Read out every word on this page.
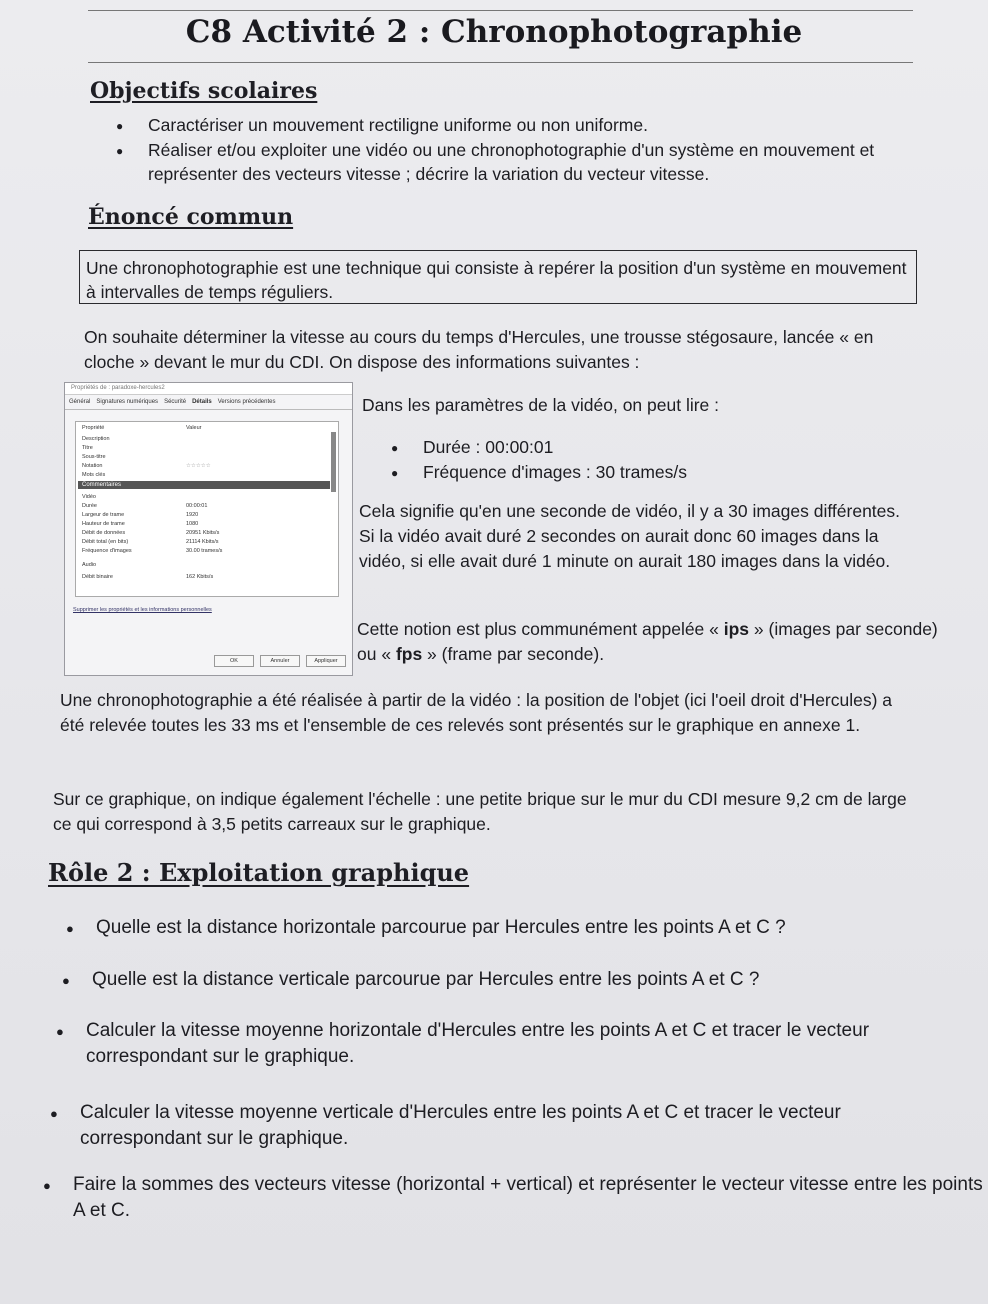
C8 Activité 2 : Chronophotographie
Objectifs scolaires
● Caractériser un mouvement rectiligne uniforme ou non uniforme.
● Réaliser et/ou exploiter une vidéo ou une chronophotographie d'un système en mouvement et représenter des vecteurs vitesse ; décrire la variation du vecteur vitesse.
Énoncé commun
Une chronophotographie est une technique qui consiste à repérer la position d'un système en mouvement à intervalles de temps réguliers.
On souhaite déterminer la vitesse au cours du temps d'Hercules, une trousse stégosaure, lancée « en cloche » devant le mur du CDI. On dispose des informations suivantes :
Propriétés de : paradoxe-hercules2
Général Signatures numériques Sécurité Détails Versions précédentes
Propriété	Valeur
Description
Titre
Sous-titre
Notation	☆☆☆☆☆
Mots clés
Commentaires
Vidéo
Durée	00:00:01
Largeur de trame	1920
Hauteur de trame	1080
Débit de données	20951 Kbits/s
Débit total (en bits)	21114 Kbits/s
Fréquence d'images	30.00 trames/s
Audio
Débit binaire	162 Kbits/s
Supprimer les propriétés et les informations personnelles
OK	Annuler	Appliquer
Dans les paramètres de la vidéo, on peut lire :
● Durée : 00:00:01
● Fréquence d'images : 30 trames/s
Cela signifie qu'en une seconde de vidéo, il y a 30 images différentes. Si la vidéo avait duré 2 secondes on aurait donc 60 images dans la vidéo, si elle avait duré 1 minute on aurait 180 images dans la vidéo.
Cette notion est plus communément appelée « ips » (images par seconde) ou « fps » (frame par seconde).
Une chronophotographie a été réalisée à partir de la vidéo : la position de l'objet (ici l'oeil droit d'Hercules) a été relevée toutes les 33 ms et l'ensemble de ces relevés sont présentés sur le graphique en annexe 1.
Sur ce graphique, on indique également l'échelle : une petite brique sur le mur du CDI mesure 9,2 cm de large ce qui correspond à 3,5 petits carreaux sur le graphique.
Rôle 2 : Exploitation graphique
● Quelle est la distance horizontale parcourue par Hercules entre les points A et C ?
● Quelle est la distance verticale parcourue par Hercules entre les points A et C ?
● Calculer la vitesse moyenne horizontale d'Hercules entre les points A et C et tracer le vecteur correspondant sur le graphique.
● Calculer la vitesse moyenne verticale d'Hercules entre les points A et C et tracer le vecteur correspondant sur le graphique.
● Faire la sommes des vecteurs vitesse (horizontal + vertical) et représenter le vecteur vitesse entre les points A et C.
